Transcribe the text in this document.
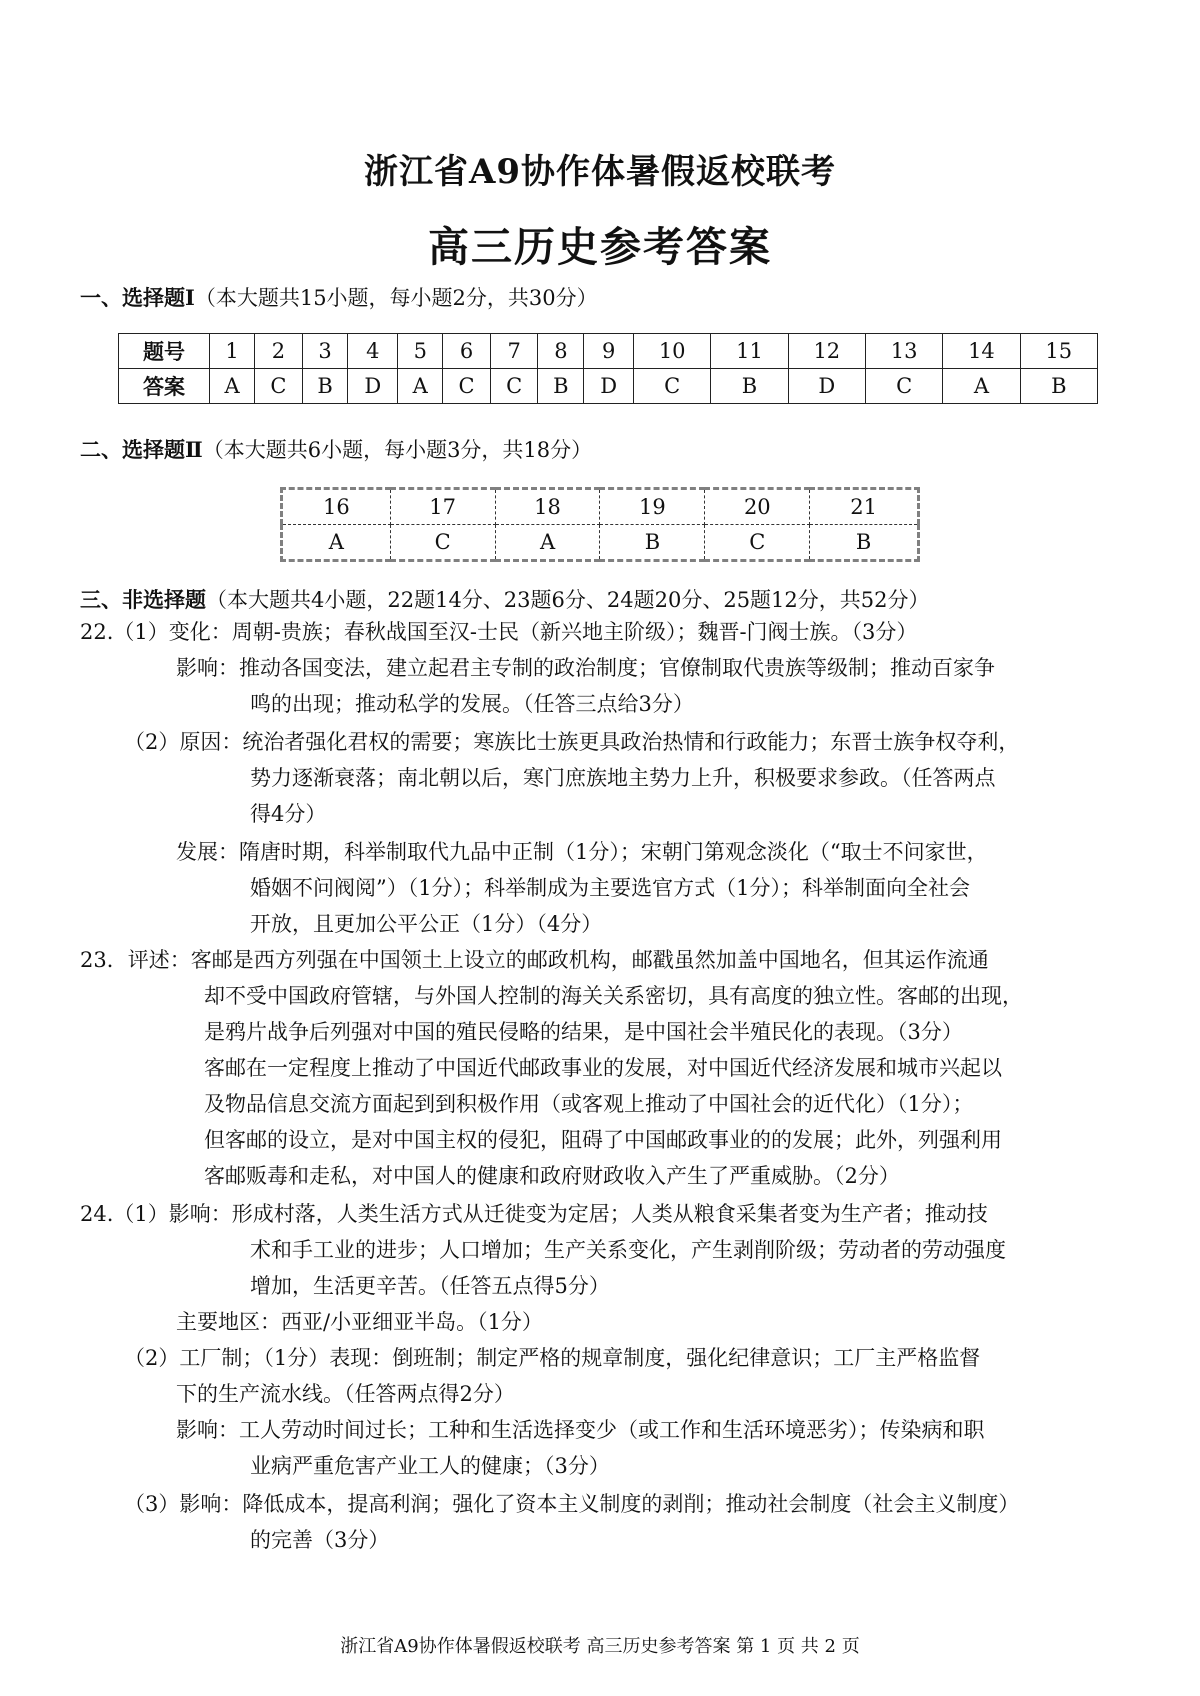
浙江省A9协作体暑假返校联考
高三历史参考答案
一、选择题Ⅰ（本大题共15小题，每小题2分，共30分）
题号	1	2	3	4	5	6	7	8	9	10	11	12	13	14	15
答案	A	C	B	D	A	C	C	B	D	C	B	D	C	A	B
二、选择题Ⅱ（本大题共6小题，每小题3分，共18分）
16	17	18	19	20	21
A	C	A	B	C	B
三、非选择题（本大题共4小题，22题14分、23题6分、24题20分、25题12分，共52分）
22.（1）变化：周朝-贵族；春秋战国至汉-士民（新兴地主阶级）；魏晋-门阀士族。（3分）
影响：推动各国变法，建立起君主专制的政治制度；官僚制取代贵族等级制；推动百家争
鸣的出现；推动私学的发展。（任答三点给3分）
（2）原因：统治者强化君权的需要；寒族比士族更具政治热情和行政能力；东晋士族争权夺利，
势力逐渐衰落；南北朝以后，寒门庶族地主势力上升，积极要求参政。（任答两点
得4分）
发展：隋唐时期，科举制取代九品中正制（1分）；宋朝门第观念淡化（“取士不问家世，
婚姻不问阀阅”）（1分）；科举制成为主要选官方式（1分）；科举制面向全社会
开放，且更加公平公正（1分）（4分）
23．评述：客邮是西方列强在中国领土上设立的邮政机构，邮戳虽然加盖中国地名，但其运作流通
却不受中国政府管辖，与外国人控制的海关关系密切，具有高度的独立性。客邮的出现，
是鸦片战争后列强对中国的殖民侵略的结果，是中国社会半殖民化的表现。（3分）
客邮在一定程度上推动了中国近代邮政事业的发展，对中国近代经济发展和城市兴起以
及物品信息交流方面起到到积极作用（或客观上推动了中国社会的近代化）（1分）；
但客邮的设立，是对中国主权的侵犯，阻碍了中国邮政事业的的发展；此外，列强利用
客邮贩毒和走私，对中国人的健康和政府财政收入产生了严重威胁。（2分）
24.（1）影响：形成村落，人类生活方式从迁徙变为定居；人类从粮食采集者变为生产者；推动技
术和手工业的进步；人口增加；生产关系变化，产生剥削阶级；劳动者的劳动强度
增加，生活更辛苦。（任答五点得5分）
主要地区：西亚/小亚细亚半岛。（1分）
（2）工厂制；（1分）表现：倒班制；制定严格的规章制度，强化纪律意识；工厂主严格监督
下的生产流水线。（任答两点得2分）
影响：工人劳动时间过长；工种和生活选择变少（或工作和生活环境恶劣）；传染病和职
业病严重危害产业工人的健康；（3分）
（3）影响：降低成本，提高利润；强化了资本主义制度的剥削；推动社会制度（社会主义制度）
的完善（3分）
浙江省A9协作体暑假返校联考 高三历史参考答案 第 1 页 共 2 页
